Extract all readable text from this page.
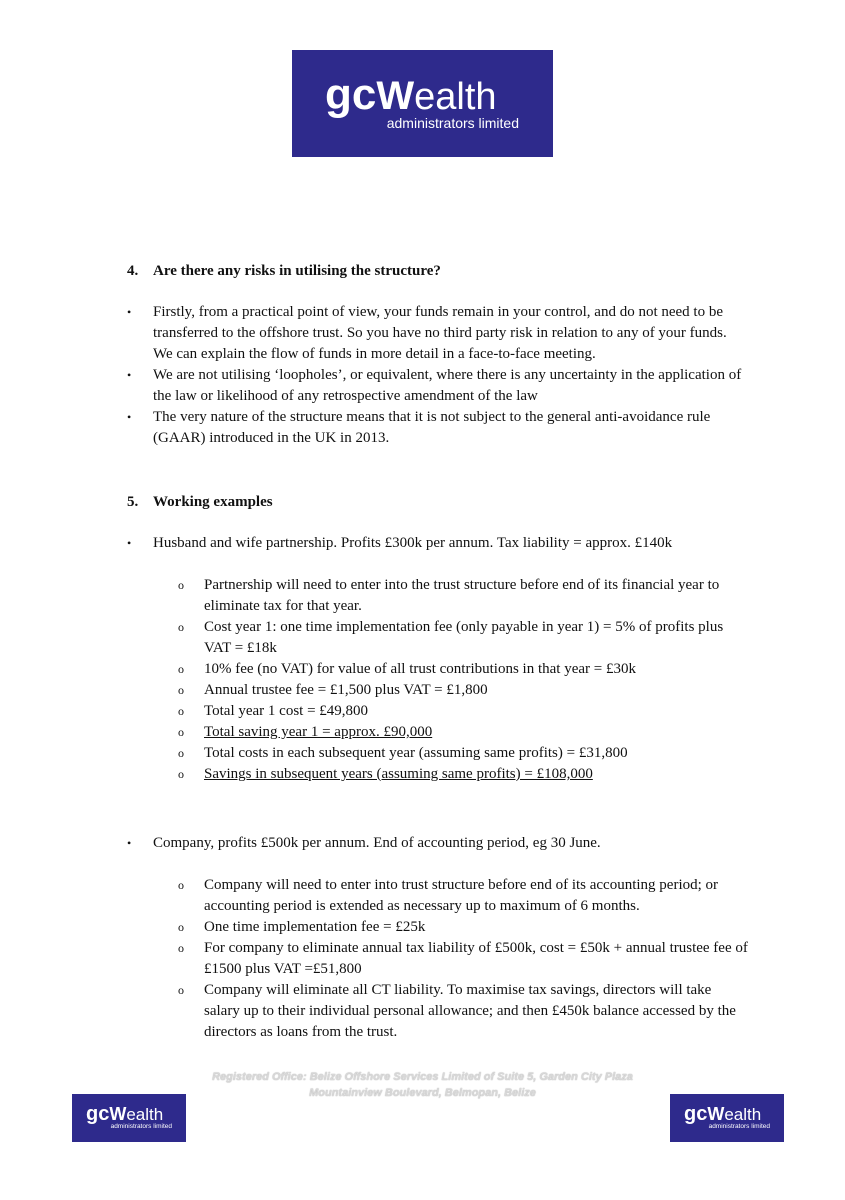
gcWealth
administrators limited
4. Are there any risks in utilising the structure?
• Firstly, from a practical point of view, your funds remain in your control, and do not need to be transferred to the offshore trust. So you have no third party risk in relation to any of your funds. We can explain the flow of funds in more detail in a face-to-face meeting.
• We are not utilising ‘loopholes’, or equivalent, where there is any uncertainty in the application of the law or likelihood of any retrospective amendment of the law
• The very nature of the structure means that it is not subject to the general anti-avoidance rule (GAAR) introduced in the UK in 2013.
5. Working examples
• Husband and wife partnership. Profits £300k per annum. Tax liability = approx. £140k
o Partnership will need to enter into the trust structure before end of its financial year to eliminate tax for that year.
o Cost year 1: one time implementation fee (only payable in year 1) = 5% of profits plus VAT = £18k
o 10% fee (no VAT) for value of all trust contributions in that year = £30k
o Annual trustee fee = £1,500 plus VAT = £1,800
o Total year 1 cost = £49,800
o Total saving year 1 = approx. £90,000
o Total costs in each subsequent year (assuming same profits) = £31,800
o Savings in subsequent years (assuming same profits) = £108,000
• Company, profits £500k per annum. End of accounting period, eg 30 June.
o Company will need to enter into trust structure before end of its accounting period; or accounting period is extended as necessary up to maximum of 6 months.
o One time implementation fee = £25k
o For company to eliminate annual tax liability of £500k, cost = £50k + annual trustee fee of £1500 plus VAT =£51,800
o Company will eliminate all CT liability. To maximise tax savings, directors will take salary up to their individual personal allowance; and then £450k balance accessed by the directors as loans from the trust.
Registered Office: Belize Offshore Services Limited of Suite 5, Garden City Plaza
Mountainview Boulevard, Belmopan, Belize
gcWealth
administrators limited
gcWealth
administrators limited
